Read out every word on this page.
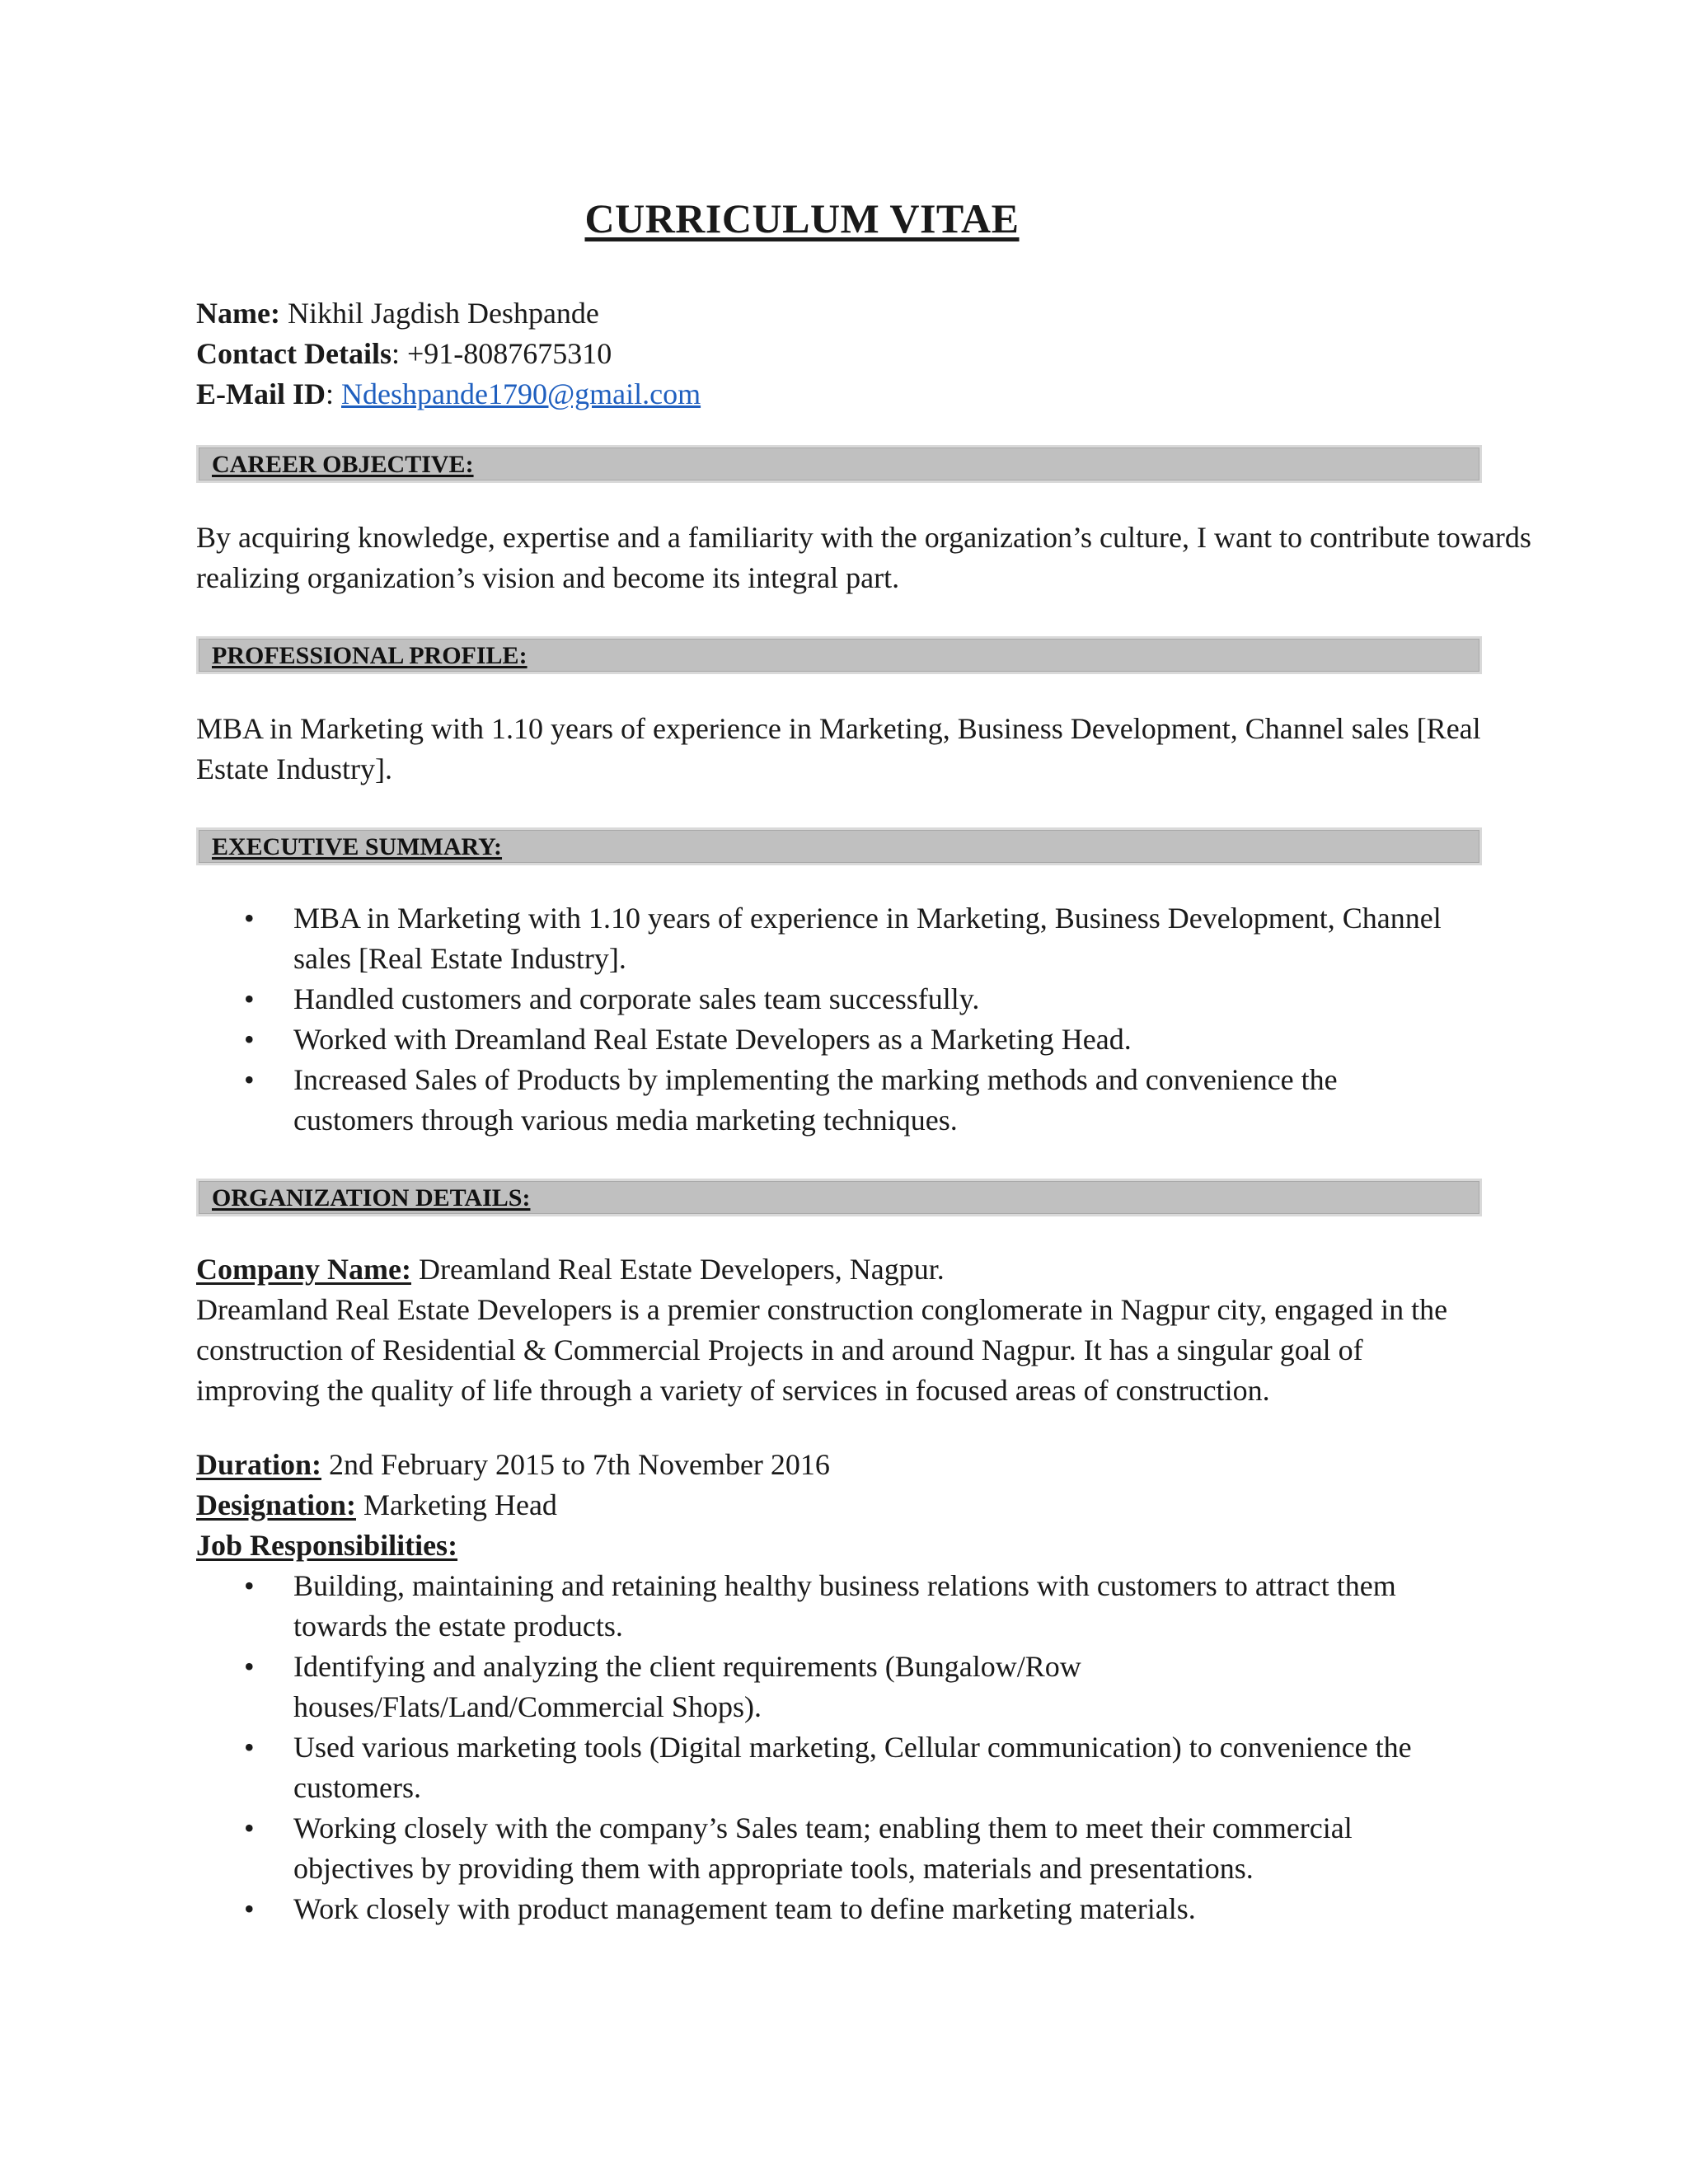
CURRICULUM VITAE
Name: Nikhil Jagdish Deshpande
Contact Details: +91-8087675310
E-Mail ID: Ndeshpande1790@gmail.com
CAREER OBJECTIVE:
By acquiring knowledge, expertise and a familiarity with the organization’s culture, I want to contribute towards realizing organization’s vision and become its integral part.
PROFESSIONAL PROFILE:
MBA in Marketing with 1.10 years of experience in Marketing, Business Development, Channel sales [Real Estate Industry].
EXECUTIVE SUMMARY:
• MBA in Marketing with 1.10 years of experience in Marketing, Business Development, Channel sales [Real Estate Industry].
• Handled customers and corporate sales team successfully.
• Worked with Dreamland Real Estate Developers as a Marketing Head.
• Increased Sales of Products by implementing the marking methods and convenience the customers through various media marketing techniques.
ORGANIZATION DETAILS:
Company Name: Dreamland Real Estate Developers, Nagpur.
Dreamland Real Estate Developers is a premier construction conglomerate in Nagpur city, engaged in the construction of Residential & Commercial Projects in and around Nagpur. It has a singular goal of improving the quality of life through a variety of services in focused areas of construction.
Duration: 2nd February 2015 to 7th November 2016
Designation: Marketing Head
Job Responsibilities:
• Building, maintaining and retaining healthy business relations with customers to attract them towards the estate products.
• Identifying and analyzing the client requirements (Bungalow/Row houses/Flats/Land/Commercial Shops).
• Used various marketing tools (Digital marketing, Cellular communication) to convenience the customers.
• Working closely with the company’s Sales team; enabling them to meet their commercial objectives by providing them with appropriate tools, materials and presentations.
• Work closely with product management team to define marketing materials.
